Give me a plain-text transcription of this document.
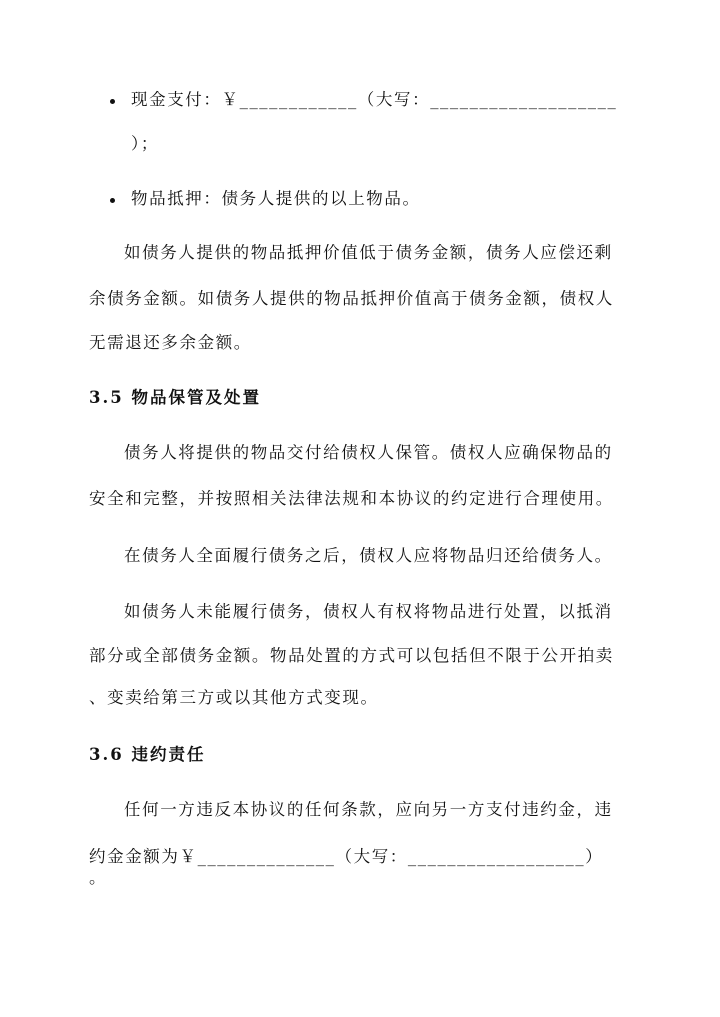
现金支付：￥____________（大写：___________________
）；
物品抵押：债务人提供的以上物品。
如债务人提供的物品抵押价值低于债务金额，债务人应偿还剩
余债务金额。如债务人提供的物品抵押价值高于债务金额，债权人
无需退还多余金额。
3.5 物品保管及处置
债务人将提供的物品交付给债权人保管。债权人应确保物品的
安全和完整，并按照相关法律法规和本协议的约定进行合理使用。
在债务人全面履行债务之后，债权人应将物品归还给债务人。
如债务人未能履行债务，债权人有权将物品进行处置，以抵消
部分或全部债务金额。物品处置的方式可以包括但不限于公开拍卖
、变卖给第三方或以其他方式变现。
3.6 违约责任
任何一方违反本协议的任何条款，应向另一方支付违约金，违
约金金额为￥______________（大写：__________________）
。
